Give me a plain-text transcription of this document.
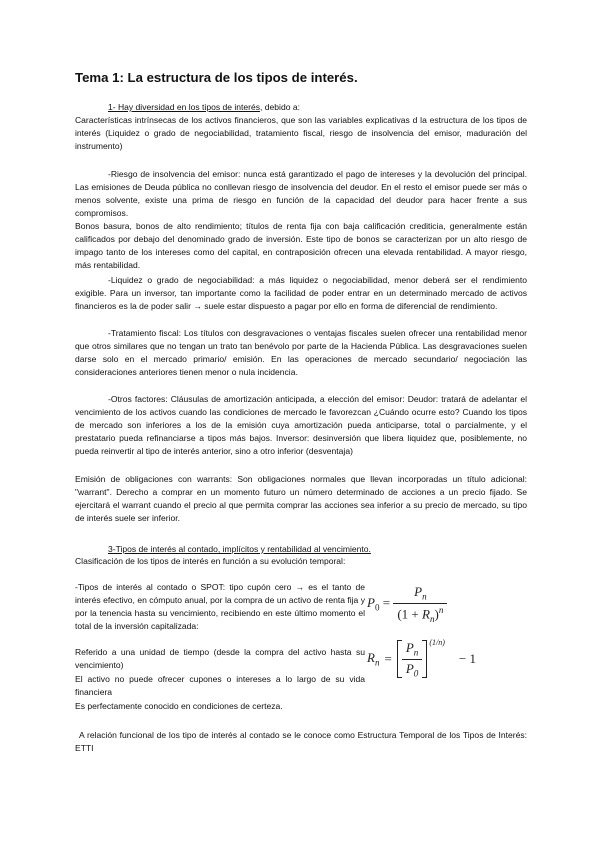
Tema 1: La estructura de los tipos de interés.
1- Hay diversidad en los tipos de interés, debido a:

Características intrínsecas de los activos financieros, que son las variables explicativas d la estructura de los tipos de interés (Liquidez o grado de negociabilidad, tratamiento fiscal, riesgo de insolvencia del emisor, maduración del instrumento)

-Riesgo de insolvencia del emisor: nunca está garantizado el pago de intereses y la devolución del principal. Las emisiones de Deuda pública no conllevan riesgo de insolvencia del deudor. En el resto el emisor puede ser más o menos solvente, existe una prima de riesgo en función de la capacidad del deudor para hacer frente a sus compromisos.

Bonos basura, bonos de alto rendimiento; títulos de renta fija con baja calificación crediticia, generalmente están calificados por debajo del denominado grado de inversión. Este tipo de bonos se caracterizan por un alto riesgo de impago tanto de los intereses como del capital, en contraposición ofrecen una elevada rentabilidad. A mayor riesgo, más rentabilidad.

-Liquidez o grado de negociabilidad: a más liquidez o negociabilidad, menor deberá ser el rendimiento exigible. Para un inversor, tan importante como la facilidad de poder entrar en un determinado mercado de activos financieros es la de poder salir → suele estar dispuesto a pagar por ello en forma de diferencial de rendimiento.

-Tratamiento fiscal: Los títulos con desgravaciones o ventajas fiscales suelen ofrecer una rentabilidad menor que otros similares que no tengan un trato tan benévolo por parte de la Hacienda Pública. Las desgravaciones suelen darse solo en el mercado primario/ emisión. En las operaciones de mercado secundario/ negociación las consideraciones anteriores tienen menor o nula incidencia.

-Otros factores: Cláusulas de amortización anticipada, a elección del emisor: Deudor: tratará de adelantar el vencimiento de los activos cuando las condiciones de mercado le favorezcan ¿Cuándo ocurre esto? Cuando los tipos de mercado son inferiores a los de la emisión cuya amortización pueda anticiparse, total o parcialmente, y el prestatario pueda refinanciarse a tipos más bajos. Inversor: desinversión que libera liquidez que, posiblemente, no pueda reinvertir al tipo de interés anterior, sino a otro inferior (desventaja)

Emisión de obligaciones con warrants: Son obligaciones normales que llevan incorporadas un título adicional: "warrant". Derecho a comprar en un momento futuro un número determinado de acciones a un precio fijado. Se ejercitará el warrant cuando el precio al que permita comprar las acciones sea inferior a su precio de mercado, su tipo de interés suele ser inferior.

3-Tipos de interés al contado, implícitos y rentabilidad al vencimiento.

Clasificación de los tipos de interés en función a su evolución temporal:

-Tipos de interés al contado o SPOT: tipo cupón cero → es el tanto de interés efectivo, en cómputo anual, por la compra de un activo de renta fija y por la tenencia hasta su vencimiento, recibiendo en este último momento el total de la inversión capitalizada:

Referido a una unidad de tiempo (desde la compra del activo hasta su vencimiento)

El activo no puede ofrecer cupones o intereses a lo largo de su vida financiera

Es perfectamente conocido en condiciones de certeza.

$P_0 = \frac{P_n}{(1 + R_n)^n}$
$R_n = \frac{P_n}{P_0} ^{(1/n)}$
− 1

A relación funcional de los tipo de interés al contado se le conoce como Estructura Temporal de los Tipos de Interés: ETTI
